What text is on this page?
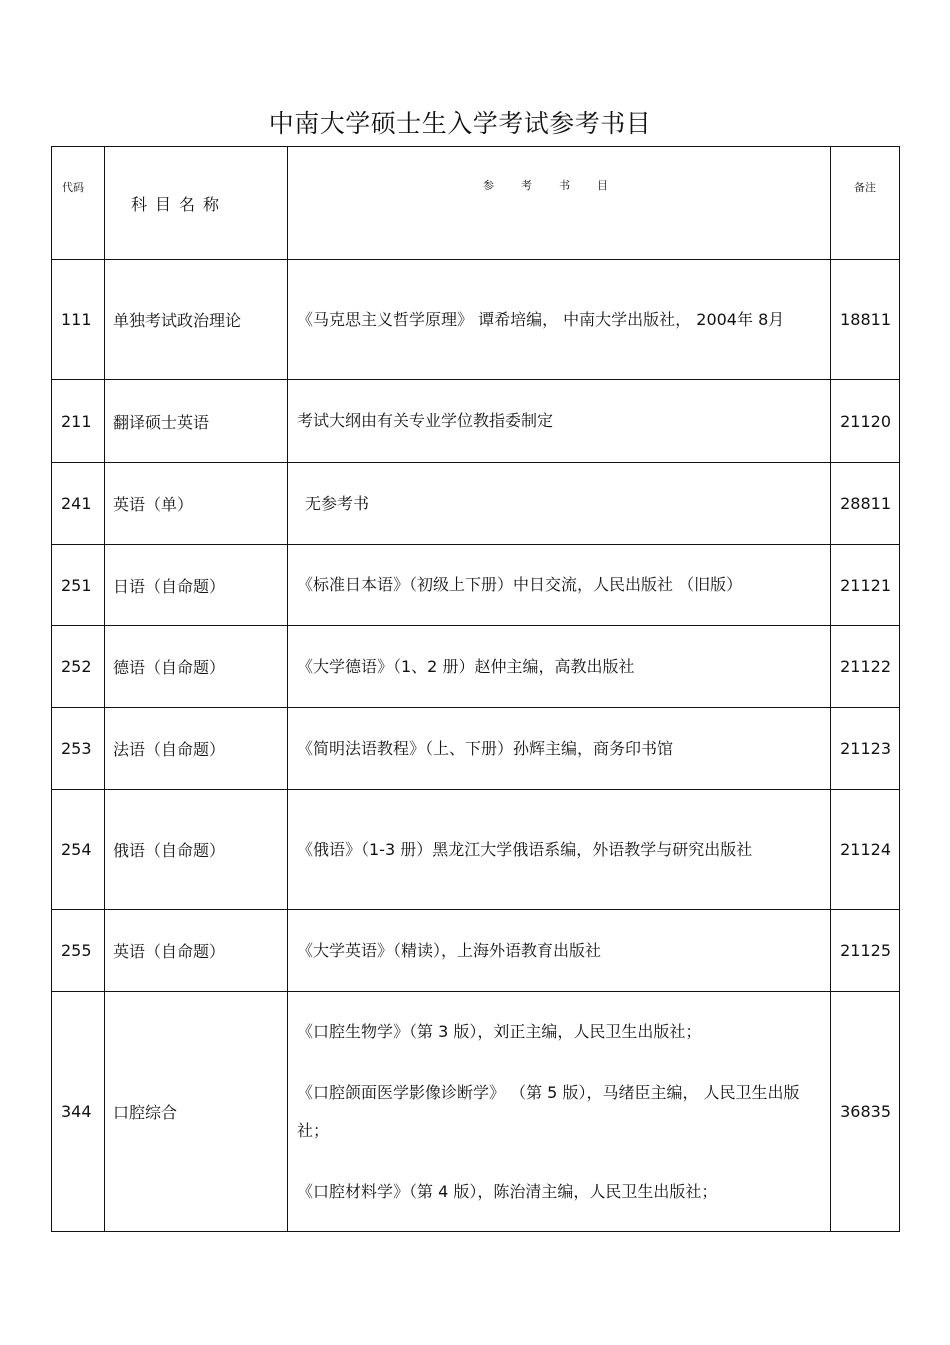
中南大学硕士生入学考试参考书目
代码	科目名称	参考书目	备注
111	单独考试政治理论	《马克思主义哲学原理》 谭希培编， 中南大学出版社， 2004年 8月	18811
211	翻译硕士英语	考试大纲由有关专业学位教指委制定	21120
241	英语（单）	无参考书	28811
251	日语（自命题）	《标准日本语》（初级上下册）中日交流，人民出版社 （旧版）	21121
252	德语（自命题）	《大学德语》（1、2 册）赵仲主编，高教出版社	21122
253	法语（自命题）	《简明法语教程》（上、下册）孙辉主编，商务印书馆	21123
254	俄语（自命题）	《俄语》（1-3 册）黑龙江大学俄语系编，外语教学与研究出版社	21124
255	英语（自命题）	《大学英语》（精读），上海外语教育出版社	21125
344	口腔综合	《口腔生物学》（第 3 版），刘正主编，人民卫生出版社；

《口腔颌面医学影像诊断学》 （第 5 版），马绪臣主编， 人民卫生出版社；

《口腔材料学》（第 4 版），陈治清主编，人民卫生出版社；	36835
